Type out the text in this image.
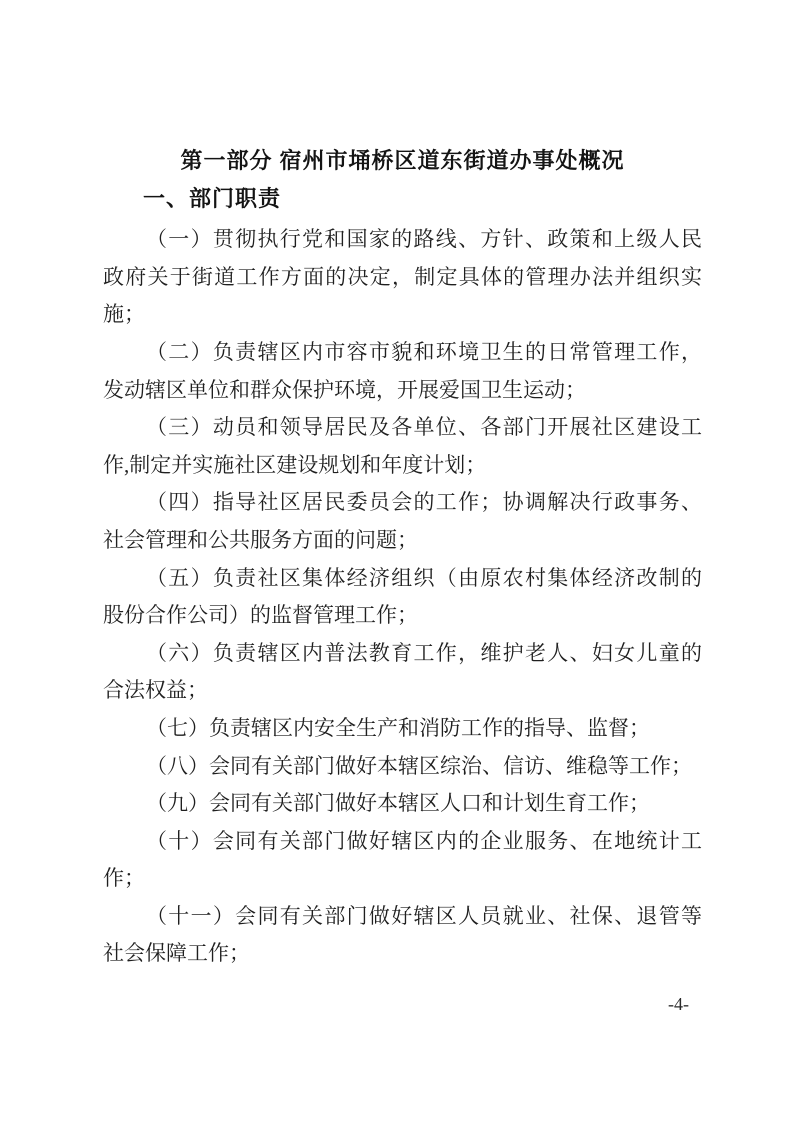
第一部分 宿州市埇桥区道东街道办事处概况
一、部门职责
（一）贯彻执行党和国家的路线、方针、政策和上级人民
政府关于街道工作方面的决定，制定具体的管理办法并组织实
施；
（二）负责辖区内市容市貌和环境卫生的日常管理工作，
发动辖区单位和群众保护环境，开展爱国卫生运动；
（三）动员和领导居民及各单位、各部门开展社区建设工
作,制定并实施社区建设规划和年度计划；
（四）指导社区居民委员会的工作；协调解决行政事务、
社会管理和公共服务方面的问题；
（五）负责社区集体经济组织（由原农村集体经济改制的
股份合作公司）的监督管理工作；
（六）负责辖区内普法教育工作，维护老人、妇女儿童的
合法权益；
（七）负责辖区内安全生产和消防工作的指导、监督；
（八）会同有关部门做好本辖区综治、信访、维稳等工作；
（九）会同有关部门做好本辖区人口和计划生育工作；
（十）会同有关部门做好辖区内的企业服务、在地统计工
作；
（十一）会同有关部门做好辖区人员就业、社保、退管等
社会保障工作；
-4-
